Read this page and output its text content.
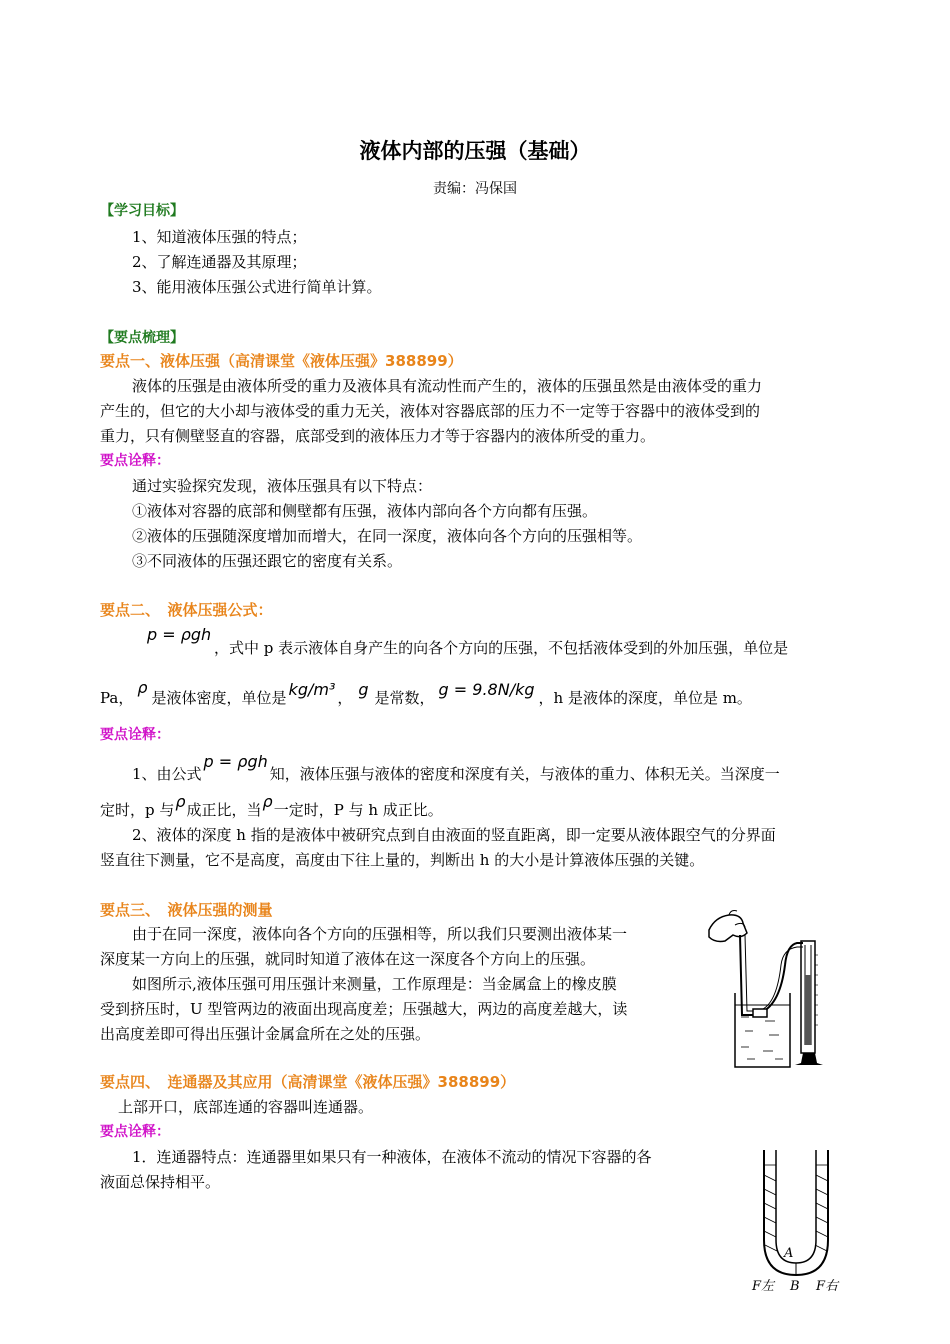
液体内部的压强（基础）
责编：冯保国
【学习目标】
1、知道液体压强的特点；
2、了解连通器及其原理；
3、能用液体压强公式进行简单计算。
【要点梳理】
要点一、液体压强（高清课堂《液体压强》388899）
液体的压强是由液体所受的重力及液体具有流动性而产生的，液体的压强虽然是由液体受的重力
产生的，但它的大小却与液体受的重力无关，液体对容器底部的压力不一定等于容器中的液体受到的
重力，只有侧壁竖直的容器，底部受到的液体压力才等于容器内的液体所受的重力。
要点诠释：
通过实验探究发现，液体压强具有以下特点：
①液体对容器的底部和侧壁都有压强，液体内部向各个方向都有压强。
②液体的压强随深度增加而增大，在同一深度，液体向各个方向的压强相等。
③不同液体的压强还跟它的密度有关系。
要点二、　液体压强公式：
p = ρgh
，式中 p 表示液体自身产生的向各个方向的压强，不包括液体受到的外加压强，单位是
Pa，ρ是液体密度，单位是 kg/m³ ， g 是常数， g = 9.8N/kg ，h 是液体的深度，单位是 m。
要点诠释：
1、由公式p = ρgh知，液体压强与液体的密度和深度有关，与液体的重力、体积无关。当深度一
定时，p 与ρ成正比，当ρ一定时，P 与 h 成正比。
2、液体的深度 h 指的是液体中被研究点到自由液面的竖直距离，即一定要从液体跟空气的分界面
竖直往下测量，它不是高度，高度由下往上量的，判断出 h 的大小是计算液体压强的关键。
要点三、　液体压强的测量
由于在同一深度，液体向各个方向的压强相等，所以我们只要测出液体某一
深度某一方向上的压强，就同时知道了液体在这一深度各个方向上的压强。
如图所示,液体压强可用压强计来测量，工作原理是：当金属盒上的橡皮膜
受到挤压时，U 型管两边的液面出现高度差；压强越大，两边的高度差越大，读
出高度差即可得出压强计金属盒所在之处的压强。
要点四、　连通器及其应用（高清课堂《液体压强》388899）
上部开口，底部连通的容器叫连通器。
要点诠释：
1．连通器特点：连通器里如果只有一种液体，在液体不流动的情况下容器的各
液面总保持相平。
A
B
F左	F右
